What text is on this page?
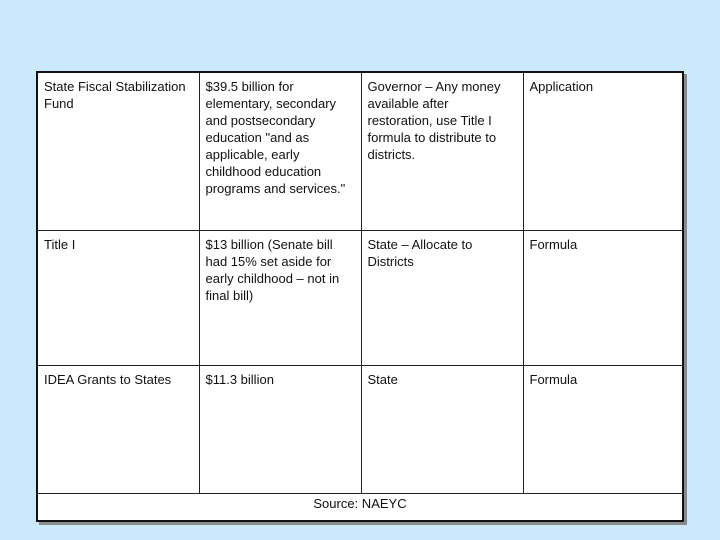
State Fiscal Stabilization Fund	$39.5 billion for elementary, secondary and postsecondary education "and as applicable, early childhood education programs and services."	Governor – Any money available after restoration, use Title I formula to distribute to districts.	Application
Title I	$13 billion (Senate bill had 15% set aside for early childhood – not in final bill)	State – Allocate to Districts	Formula
IDEA Grants to States	$11.3 billion	State	Formula
Source: NAEYC
